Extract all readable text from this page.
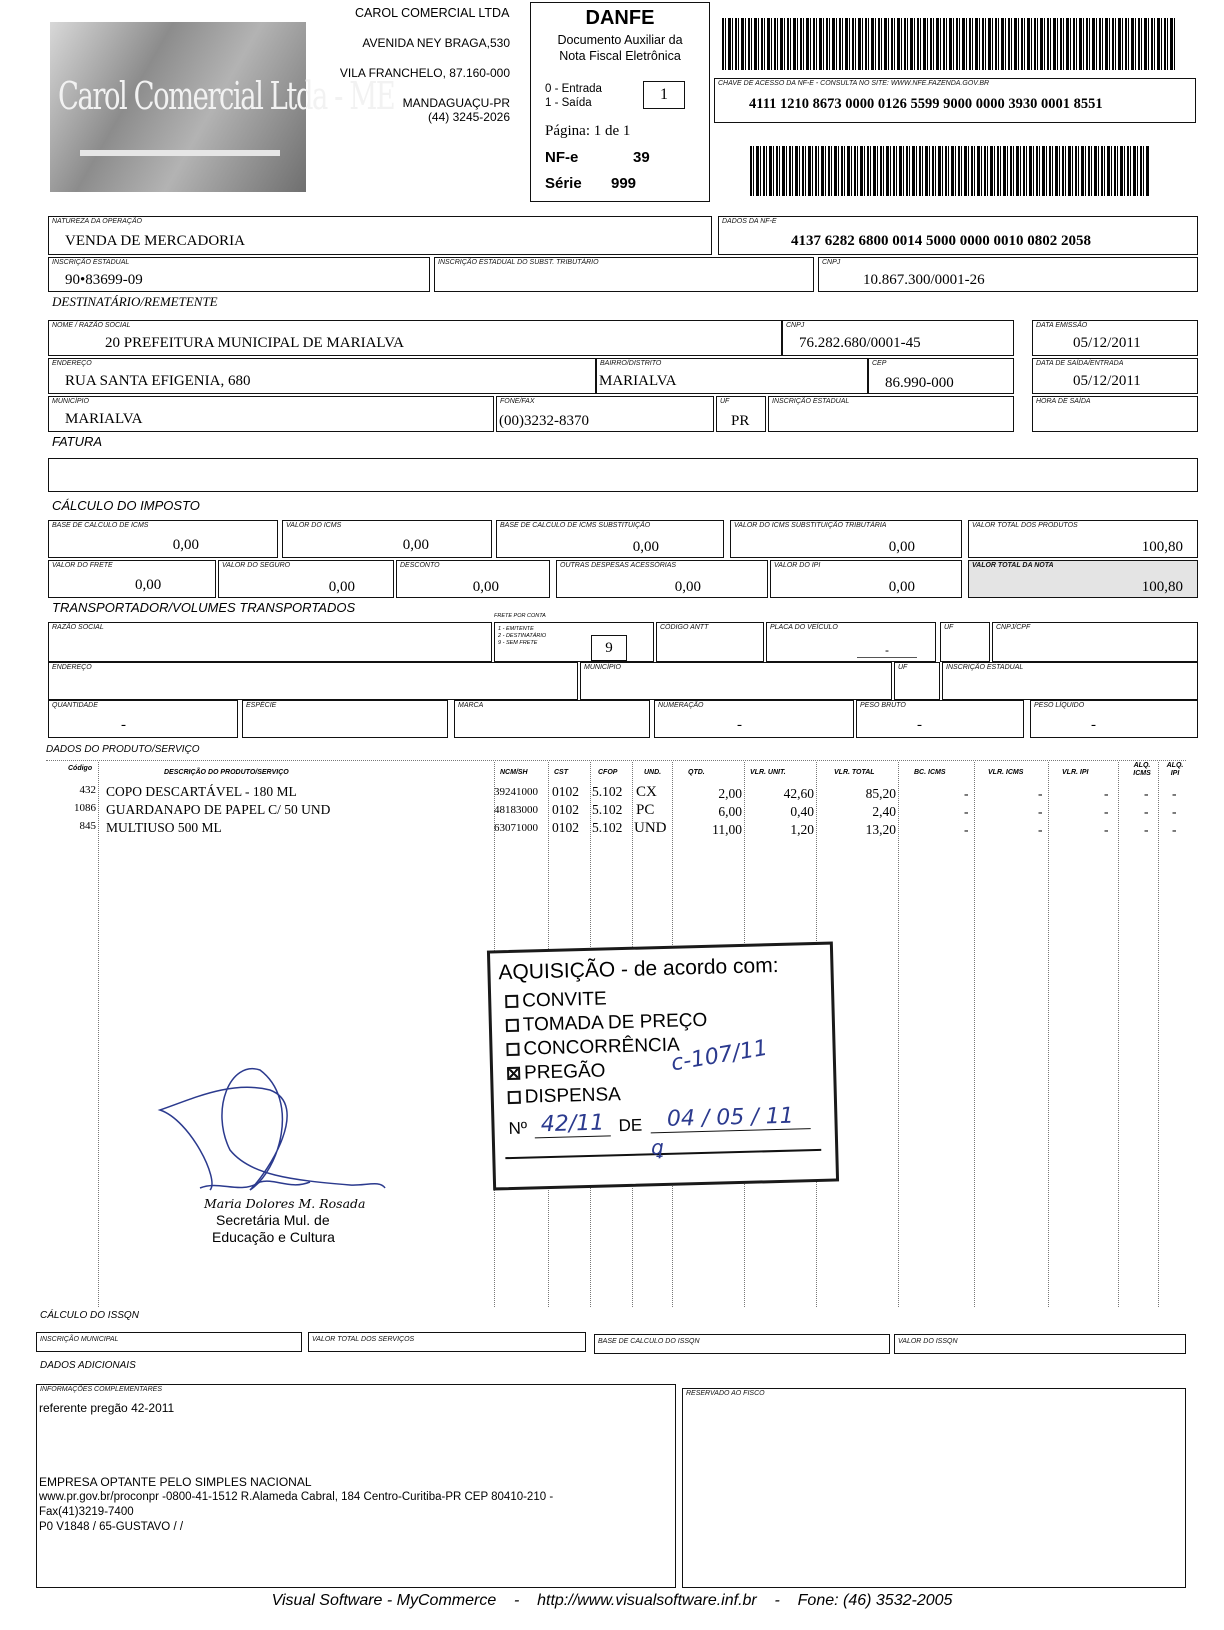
Carol Comercial Ltda - ME
CAROL COMERCIAL LTDA
AVENIDA NEY BRAGA,530
VILA FRANCHELO, 87.160-000
MANDAGUAÇU-PR
(44) 3245-2026
DANFE
Documento Auxiliar da
Nota Fiscal Eletrônica
0 - Entrada
1 - Saída	1
Página: 1 de 1
NF-e	39
Série 999
CHAVE DE ACESSO DA NF-E - CONSULTA NO SITE: WWW.NFE.FAZENDA.GOV.BR
4111 1210 8673 0000 0126 5599 9000 0000 3930 0001 8551
NATUREZA DA OPERAÇÃO
VENDA DE MERCADORIA
DADOS DA NF-E
4137 6282 6800 0014 5000 0000 0010 0802 2058
INSCRIÇÃO ESTADUAL
90•83699-09
INSCRIÇÃO ESTADUAL DO SUBST. TRIBUTÁRIO	CNPJ
10.867.300/0001-26
DESTINATÁRIO/REMETENTE
NOME / RAZÃO SOCIAL
20 PREFEITURA MUNICIPAL DE MARIALVA
CNPJ
76.282.680/0001-45
DATA EMISSÃO
05/12/2011
ENDEREÇO
RUA SANTA EFIGENIA, 680
BAIRRO/DISTRITO
MARIALVA
CEP
86.990-000
DATA DE SAÍDA/ENTRADA
05/12/2011
MUNICÍPIO
MARIALVA
FONE/FAX
(00)3232-8370
UF
PR
INSCRIÇÃO ESTADUAL	HORA DE SAÍDA
FATURA
CÁLCULO DO IMPOSTO
BASE DE CALCULO DE ICMS
0,00
VALOR DO ICMS
0,00
BASE DE CALCULO DE ICMS SUBSTITUIÇÃO
0,00
VALOR DO ICMS SUBSTITUIÇÃO TRIBUTÁRIA
0,00
VALOR TOTAL DOS PRODUTOS
100,80
VALOR DO FRETE
0,00
VALOR DO SEGURO
0,00
DESCONTO
0,00
OUTRAS DESPESAS ACESSÓRIAS
0,00
VALOR DO IPI
0,00
VALOR TOTAL DA NOTA
100,80
TRANSPORTADOR/VOLUMES TRANSPORTADOS
RAZÃO SOCIAL
FRETE POR CONTA
1 - EMITENTE
2 - DESTINATÁRIO
9 - SEM FRETE	9
CÓDIGO ANTT	PLACA DO VEÍCULO
-
UF	CNPJ/CPF
ENDEREÇO	MUNICÍPIO	UF	INSCRIÇÃO ESTADUAL
QUANTIDADE
-
ESPÉCIE	MARCA	NUMERAÇÃO
-
PESO BRUTO
-
PESO LÍQUIDO
-
DADOS DO PRODUTO/SERVIÇO
Código
DESCRIÇÃO DO PRODUTO/SERVIÇO	NCM/SH	CST	CFOP	UND.	QTD.	VLR. UNIT.	VLR. TOTAL	BC. ICMS	VLR. ICMS	VLR. IPI
ALQ. ICMS
ALQ. IPI
432 COPO DESCARTÁVEL - 180 ML	39241000 0102 5.102 CX	2,00	42,60	85,20	-	-	-	- -
1086 GUARDANAPO DE PAPEL C/ 50 UND	48183000 0102 5.102 PC	6,00	0,40	2,40	-	-	-	- -
845 MULTIUSO 500 ML	63071000 0102 5.102 UND	11,00	1,20	13,20	-	-	-	- -
AQUISIÇÃO - de acordo com:
CONVITE
TOMADA DE PREÇO
CONCORRÊNCIA
PREGÃO
DISPENSA
c-107/11
Nº 42/11 DE	04 / 05 / 11
ꝗ
Maria Dolores M. Rosada
Secretária Mul. de
Educação e Cultura
CÁLCULO DO ISSQN
INSCRIÇÃO MUNICIPAL	VALOR TOTAL DOS SERVIÇOS	BASE DE CALCULO DO ISSQN	VALOR DO ISSQN
DADOS ADICIONAIS
INFORMAÇÕES COMPLEMENTARES
referente pregão 42-2011
EMPRESA OPTANTE PELO SIMPLES NACIONAL
www.pr.gov.br/proconpr -0800-41-1512 R.Alameda Cabral, 184 Centro-Curitiba-PR CEP 80410-210 -
Fax(41)3219-7400
P0 V1848 / 65-GUSTAVO / /
RESERVADO AO FISCO
Visual Software - MyCommerce    -    http://www.visualsoftware.inf.br    -    Fone: (46) 3532-2005
